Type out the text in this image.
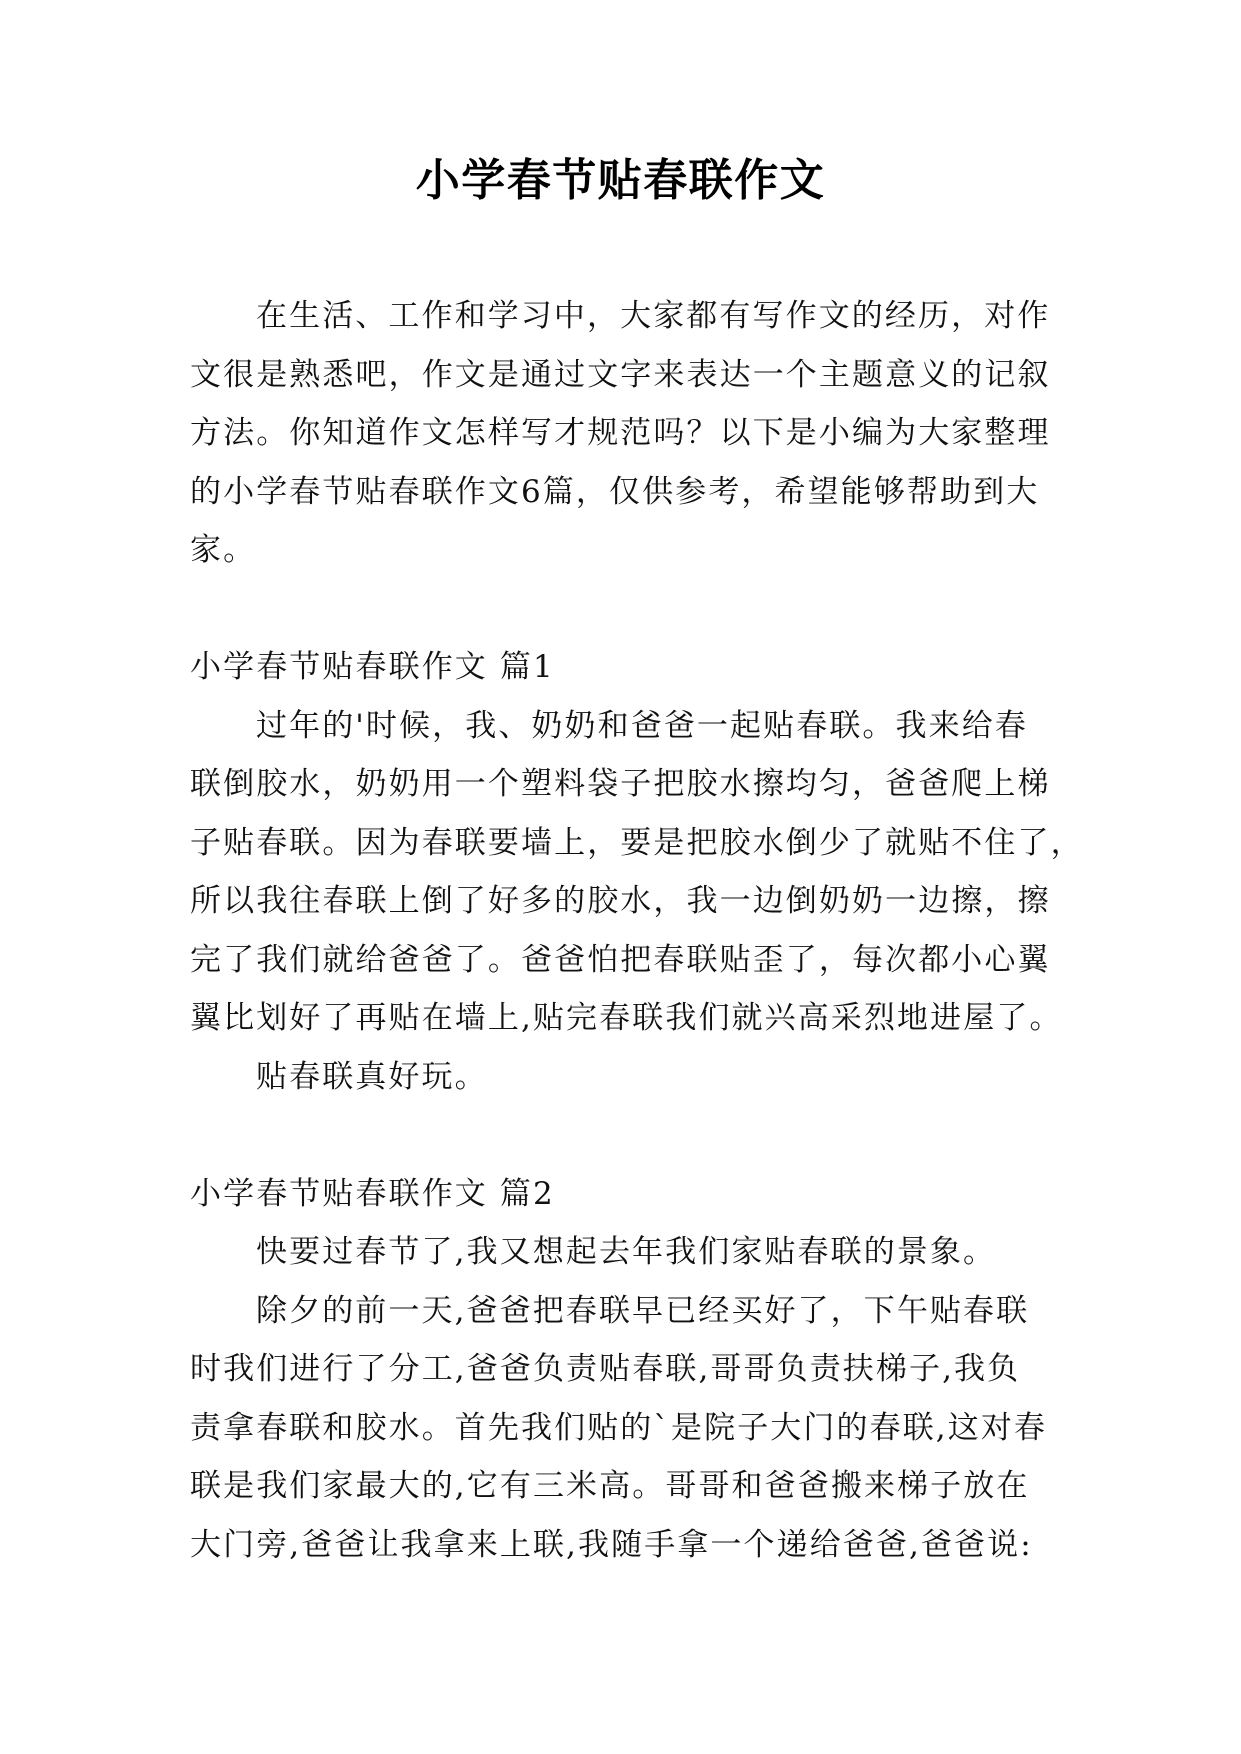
小学春节贴春联作文
在生活、工作和学习中，大家都有写作文的经历，对作
文很是熟悉吧，作文是通过文字来表达一个主题意义的记叙
方法。你知道作文怎样写才规范吗？以下是小编为大家整理
的小学春节贴春联作文6篇，仅供参考，希望能够帮助到大
家。
小学春节贴春联作文 篇1
过年的'时候，我、奶奶和爸爸一起贴春联。我来给春
联倒胶水，奶奶用一个塑料袋子把胶水擦均匀，爸爸爬上梯
子贴春联。因为春联要墙上，要是把胶水倒少了就贴不住了，
所以我往春联上倒了好多的胶水，我一边倒奶奶一边擦，擦
完了我们就给爸爸了。爸爸怕把春联贴歪了，每次都小心翼
翼比划好了再贴在墙上,贴完春联我们就兴高采烈地进屋了。
贴春联真好玩。
小学春节贴春联作文 篇2
快要过春节了,我又想起去年我们家贴春联的景象。
除夕的前一天,爸爸把春联早已经买好了，下午贴春联
时我们进行了分工,爸爸负责贴春联,哥哥负责扶梯子,我负
责拿春联和胶水。首先我们贴的`是院子大门的春联,这对春
联是我们家最大的,它有三米高。哥哥和爸爸搬来梯子放在
大门旁,爸爸让我拿来上联,我随手拿一个递给爸爸,爸爸说:
